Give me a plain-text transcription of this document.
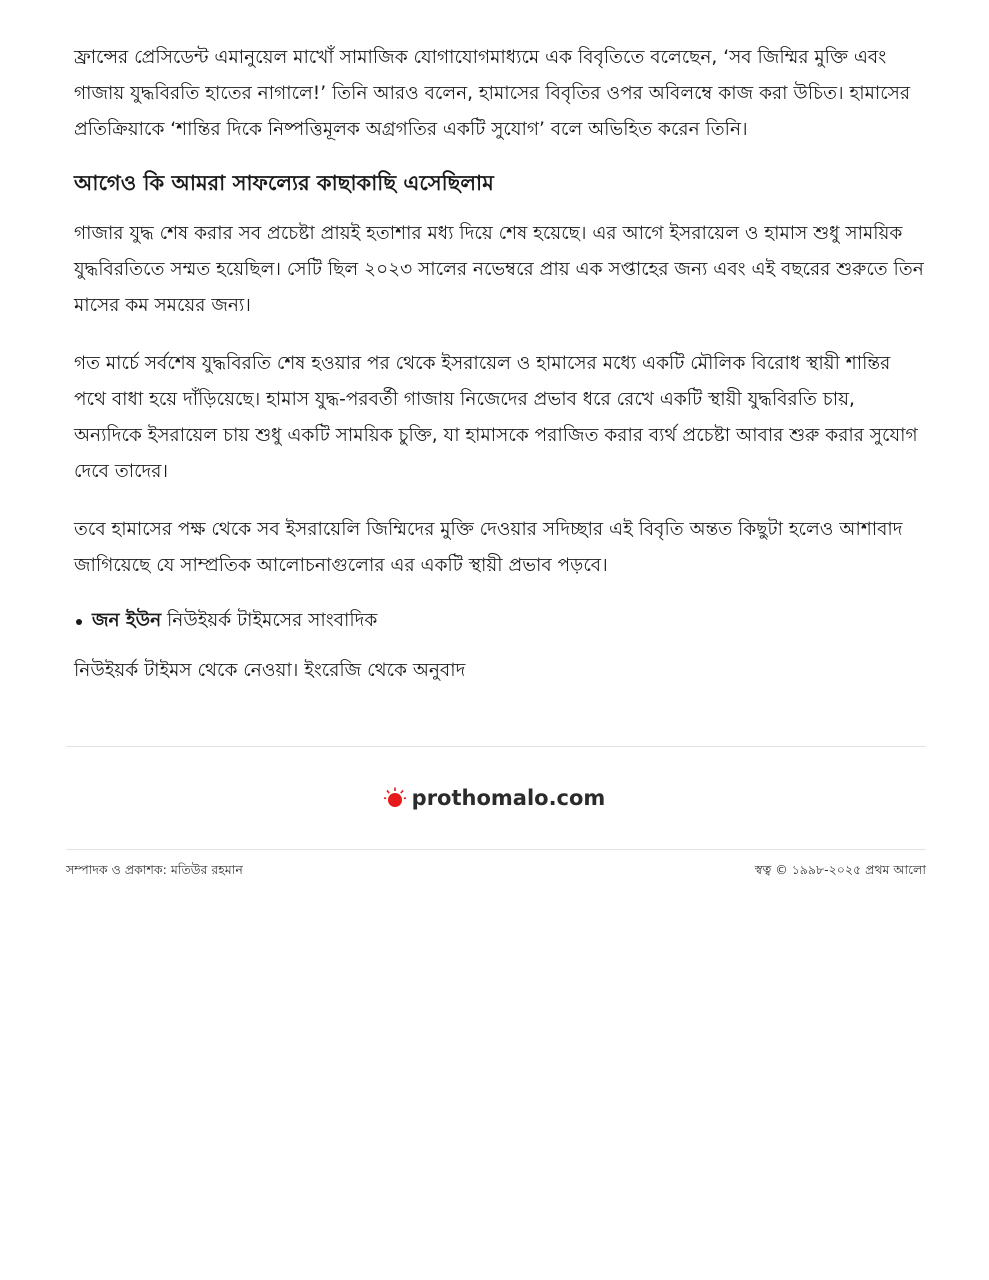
ফ্রান্সের প্রেসিডেন্ট এমানুয়েল মাখোঁ সামাজিক যোগাযোগমাধ্যমে এক বিবৃতিতে বলেছেন, ‘সব জিম্মির মুক্তি এবং গাজায় যুদ্ধবিরতি হাতের নাগালে!’ তিনি আরও বলেন, হামাসের বিবৃতির ওপর অবিলম্বে কাজ করা উচিত। হামাসের প্রতিক্রিয়াকে ‘শান্তির দিকে নিষ্পত্তিমূলক অগ্রগতির একটি সুযোগ’ বলে অভিহিত করেন তিনি।

আগেও কি আমরা সাফল্যের কাছাকাছি এসেছিলাম

গাজার যুদ্ধ শেষ করার সব প্রচেষ্টা প্রায়ই হতাশার মধ্য দিয়ে শেষ হয়েছে। এর আগে ইসরায়েল ও হামাস শুধু সাময়িক যুদ্ধবিরতিতে সম্মত হয়েছিল। সেটি ছিল ২০২৩ সালের নভেম্বরে প্রায় এক সপ্তাহের জন্য এবং এই বছরের শুরুতে তিন মাসের কম সময়ের জন্য।

গত মার্চে সর্বশেষ যুদ্ধবিরতি শেষ হওয়ার পর থেকে ইসরায়েল ও হামাসের মধ্যে একটি মৌলিক বিরোধ স্থায়ী শান্তির পথে বাধা হয়ে দাঁড়িয়েছে। হামাস যুদ্ধ-পরবর্তী গাজায় নিজেদের প্রভাব ধরে রেখে একটি স্থায়ী যুদ্ধবিরতি চায়, অন্যদিকে ইসরায়েল চায় শুধু একটি সাময়িক চুক্তি, যা হামাসকে পরাজিত করার ব্যর্থ প্রচেষ্টা আবার শুরু করার সুযোগ দেবে তাদের।

তবে হামাসের পক্ষ থেকে সব ইসরায়েলি জিম্মিদের মুক্তি দেওয়ার সদিচ্ছার এই বিবৃতি অন্তত কিছুটা হলেও আশাবাদ জাগিয়েছে যে সাম্প্রতিক আলোচনাগুলোর এর একটি স্থায়ী প্রভাব পড়বে।

জন ইউন নিউইয়র্ক টাইমসের সাংবাদিক

নিউইয়র্ক টাইমস থেকে নেওয়া। ইংরেজি থেকে অনুবাদ

prothomalo.com
সম্পাদক ও প্রকাশক: মতিউর রহমান	স্বত্ব © ১৯৯৮-২০২৫ প্রথম আলো
